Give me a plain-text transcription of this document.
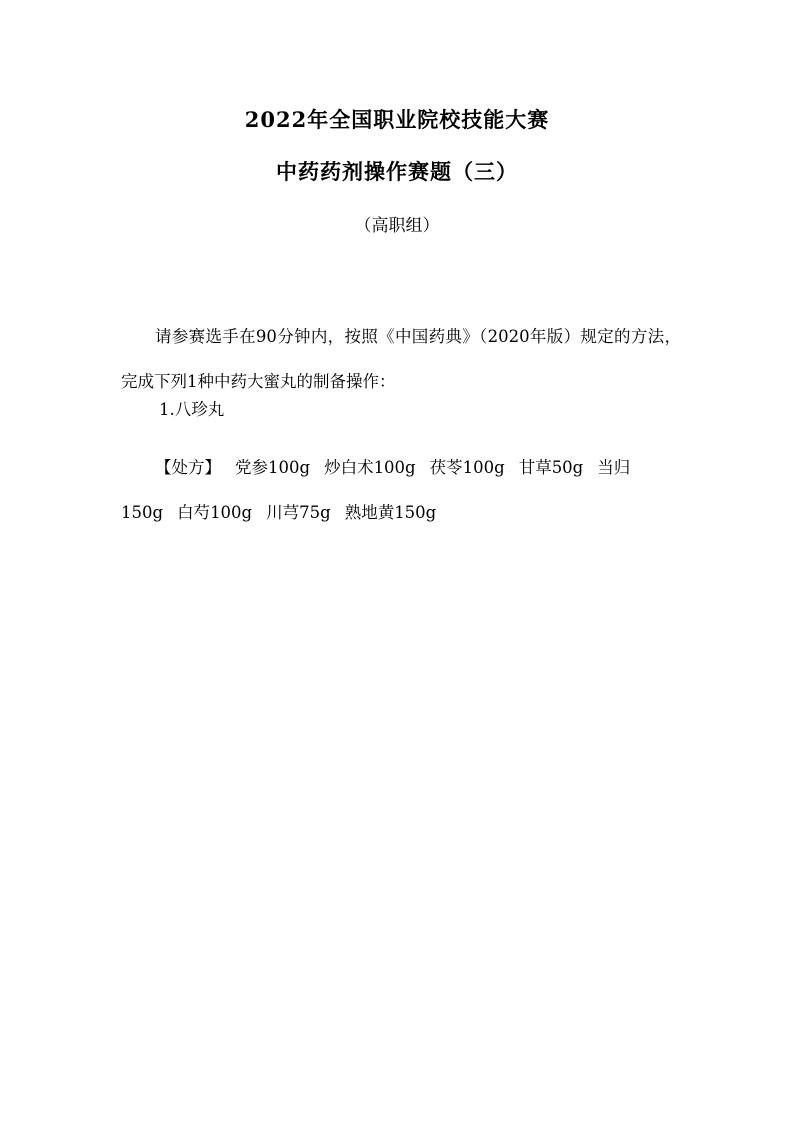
2022年全国职业院校技能大赛
中药药剂操作赛题（三）

（高职组）

请参赛选手在90分钟内，按照《中国药典》（2020年版）规定的方法，完成下列1种中药大蜜丸的制备操作：

1.八珍丸

【处方】 党参100g 炒白术100g 茯苓100g 甘草50g 当归150g 白芍100g 川芎75g 熟地黄150g
